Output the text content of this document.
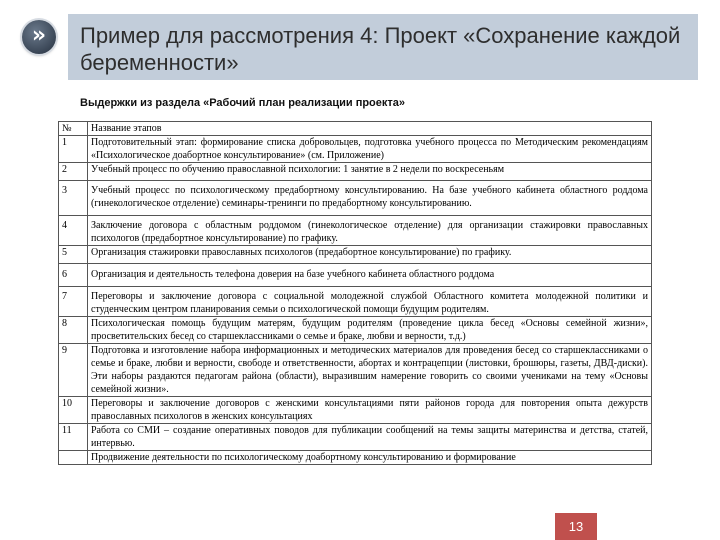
»	Пример для рассмотрения 4: Проект «Сохранение каждой беременности»
Выдержки из раздела «Рабочий план реализации проекта»
№	Название этапов
1	Подготовительный этап: формирование списка добровольцев, подготовка учебного процесса по Методическим рекомендациям «Психологическое доабортное консультирование» (см. Приложение)
2	Учебный процесс по обучению православной психологии: 1 занятие в 2 недели по воскресеньям
3	Учебный процесс по психологическому предабортному консультированию. На базе учебного кабинета областного роддома (гинекологическое отделение) семинары-тренинги по предабортному консультированию.
4	Заключение договора с областным роддомом (гинекологическое отделение) для организации стажировки православных психологов (предабортное консультирование) по графику.
5	Организация стажировки православных психологов (предабортное консультирование) по графику.
6	Организация и деятельность телефона доверия на базе учебного кабинета областного роддома
7	Переговоры и заключение договора с социальной молодежной службой Областного комитета молодежной политики и студенческим центром планирования семьи о психологической помощи будущим родителям.
8	Психологическая помощь будущим матерям, будущим родителям (проведение цикла бесед «Основы семейной жизни», просветительских бесед со старшеклассниками о семье и браке, любви и верности, т.д.)
9	Подготовка и изготовление набора информационных и методических материалов для проведения бесед со старшеклассниками о семье и браке, любви и верности, свободе и ответственности, абортах и контрацепции (листовки, брошюры, газеты, ДВД-диски). Эти наборы раздаются педагогам района (области), выразившим намерение говорить со своими учениками на тему «Основы семейной жизни».
10	Переговоры и заключение договоров с женскими консультациями пяти районов города для повторения опыта дежурств православных психологов в женских консультациях
11	Работа со СМИ – создание оперативных поводов для публикации сообщений на темы защиты материнства и детства, статей, интервью.
	Продвижение деятельности по психологическому доабортному консультированию и формирование
13
